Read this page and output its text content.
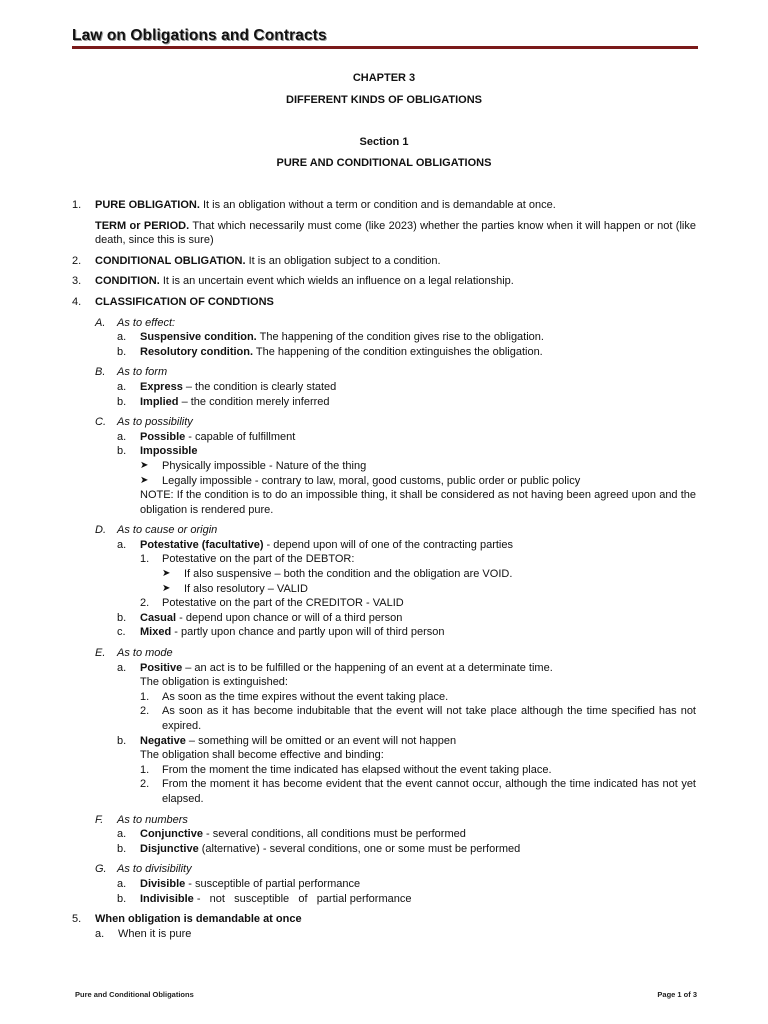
Law on Obligations and Contracts
CHAPTER 3
DIFFERENT KINDS OF OBLIGATIONS
Section 1
PURE AND CONDITIONAL OBLIGATIONS
1.	PURE OBLIGATION. It is an obligation without a term or condition and is demandable at once.
TERM or PERIOD. That which necessarily must come (like 2023) whether the parties know when it will happen or not (like death, since this is sure)
2.	CONDITIONAL OBLIGATION. It is an obligation subject to a condition.
3.	CONDITION. It is an uncertain event which wields an influence on a legal relationship.
4.	CLASSIFICATION OF CONDTIONS
A.	As to effect:
a.	Suspensive condition. The happening of the condition gives rise to the obligation.
b.	Resolutory condition. The happening of the condition extinguishes the obligation.
B.	As to form
a.	Express – the condition is clearly stated
b.	Implied – the condition merely inferred
C.	As to possibility
a.	Possible - capable of fulfillment
b.	Impossible
➤	Physically impossible - Nature of the thing
➤	Legally impossible - contrary to law, moral, good customs, public order or public policy
NOTE: If the condition is to do an impossible thing, it shall be considered as not having been agreed upon and the obligation is rendered pure.
D.	As to cause or origin
a.	Potestative (facultative) - depend upon will of one of the contracting parties
1.	Potestative on the part of the DEBTOR:
➤	If also suspensive – both the condition and the obligation are VOID.
➤	If also resolutory – VALID
2.	Potestative on the part of the CREDITOR - VALID
b.	Casual - depend upon chance or will of a third person
c.	Mixed - partly upon chance and partly upon will of third person
E.	As to mode
a.	Positive – an act is to be fulfilled or the happening of an event at a determinate time.
The obligation is extinguished:
1.	As soon as the time expires without the event taking place.
2.	As soon as it has become indubitable that the event will not take place although the time specified has not expired.
b.	Negative – something will be omitted or an event will not happen
The obligation shall become effective and binding:
1.	From the moment the time indicated has elapsed without the event taking place.
2.	From the moment it has become evident that the event cannot occur, although the time indicated has not yet elapsed.
F.	As to numbers
a.	Conjunctive - several conditions, all conditions must be performed
b.	Disjunctive (alternative) - several conditions, one or some must be performed
G. As to divisibility
a.	Divisible - susceptible of partial performance
b.	Indivisible -   not   susceptible   of   partial performance
5.	When obligation is demandable at once
a.	When it is pure
Pure and Conditional Obligations	Page 1 of 3
